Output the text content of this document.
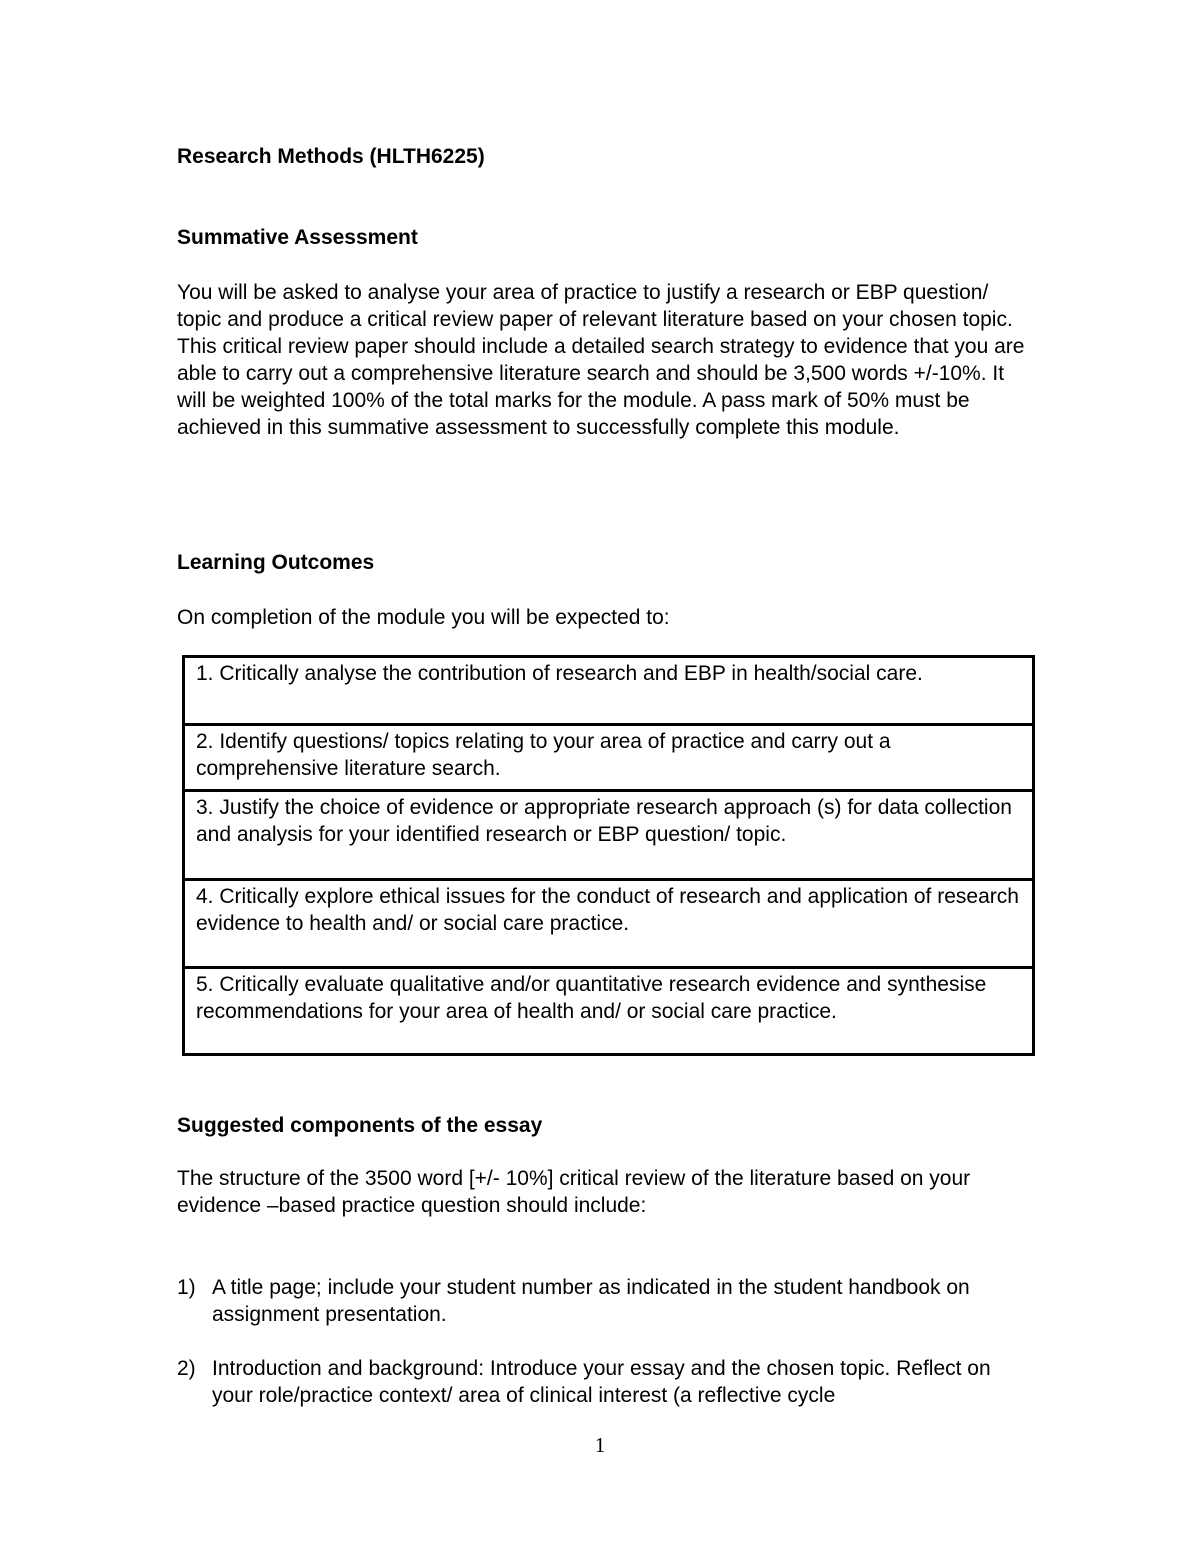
Research Methods (HLTH6225)

Summative Assessment

You will be asked to analyse your area of practice to justify a research or EBP question/ topic and produce a critical review paper of relevant literature based on your chosen topic. This critical review paper should include a detailed search strategy to evidence that you are able to carry out a comprehensive literature search and should be 3,500 words +/-10%. It will be weighted 100% of the total marks for the module. A pass mark of 50% must be achieved in this summative assessment to successfully complete this module.

Learning Outcomes

On completion of the module you will be expected to:

1. Critically analyse the contribution of research and EBP in health/social care.
2. Identify questions/ topics relating to your area of practice and carry out a comprehensive literature search.
3. Justify the choice of evidence or appropriate research approach (s) for data collection and analysis for your identified research or EBP question/ topic.
4. Critically explore ethical issues for the conduct of research and application of research evidence to health and/ or social care practice.
5. Critically evaluate qualitative and/or quantitative research evidence and synthesise recommendations for your area of health and/ or social care practice.

Suggested components of the essay

The structure of the 3500 word [+/- 10%] critical review of the literature based on your evidence –based practice question should include:

1) A title page; include your student number as indicated in the student handbook on assignment presentation.
2) Introduction and background: Introduce your essay and the chosen topic. Reflect on your role/practice context/ area of clinical interest (a reflective cycle
1
